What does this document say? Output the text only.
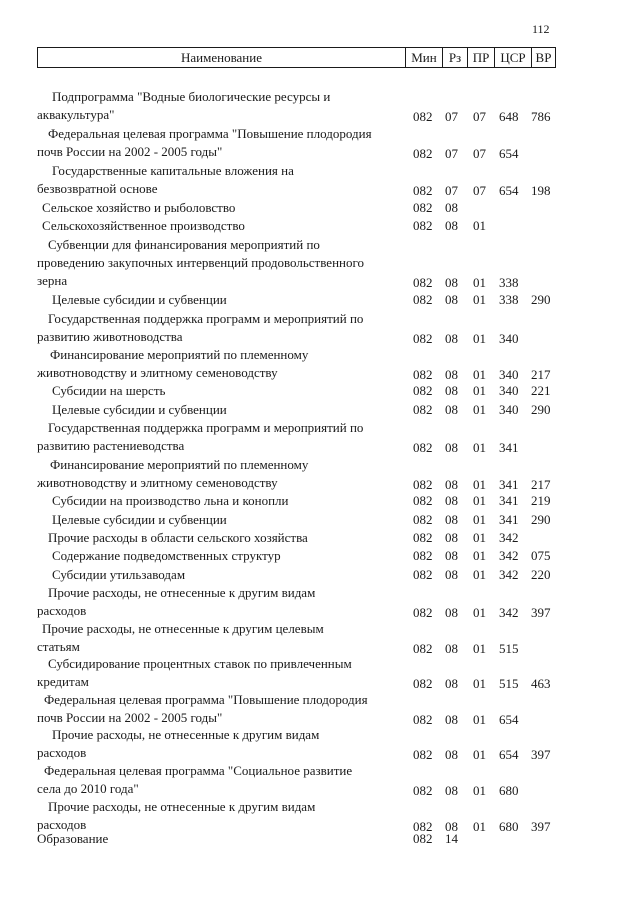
112
Наименование	Мин Рз ПР ЦСР ВР
Подпрограмма "Водные биологические ресурсы и
аквакультура"	082 07 07 648 786
Федеральная целевая программа "Повышение плодородия
почв России на 2002 - 2005 годы"	082 07 07 654
Государственные капитальные вложения на
безвозвратной основе	082 07 07 654 198
Сельское хозяйство и рыболовство	082 08
Сельскохозяйственное производство	082 08 01
Субвенции для финансирования мероприятий по
проведению закупочных интервенций продовольственного
зерна	082 08 01 338
Целевые субсидии и субвенции	082 08 01 338 290
Государственная поддержка программ и мероприятий по
развитию животноводства	082 08 01 340
Финансирование мероприятий по племенному
животноводству и элитному семеноводству	082 08 01 340 217
Субсидии на шерсть	082 08 01 340 221
Целевые субсидии и субвенции	082 08 01 340 290
Государственная поддержка программ и мероприятий по
развитию растениеводства	082 08 01 341
Финансирование мероприятий по племенному
животноводству и элитному семеноводству	082 08 01 341 217
Субсидии на производство льна и конопли	082 08 01 341 219
Целевые субсидии и субвенции	082 08 01 341 290
Прочие расходы в области сельского хозяйства	082 08 01 342
Содержание подведомственных структур	082 08 01 342 075
Субсидии утильзаводам	082 08 01 342 220
Прочие расходы, не отнесенные к другим видам
расходов	082 08 01 342 397
Прочие расходы, не отнесенные к другим целевым
статьям	082 08 01 515
Субсидирование процентных ставок по привлеченным
кредитам	082 08 01 515 463
Федеральная целевая программа "Повышение плодородия
почв России на 2002 - 2005 годы"	082 08 01 654
Прочие расходы, не отнесенные к другим видам
расходов	082 08 01 654 397
Федеральная целевая программа "Социальное развитие
села до 2010 года"	082 08 01 680
Прочие расходы, не отнесенные к другим видам
расходов	082 08 01 680 397
Образование	082 14
